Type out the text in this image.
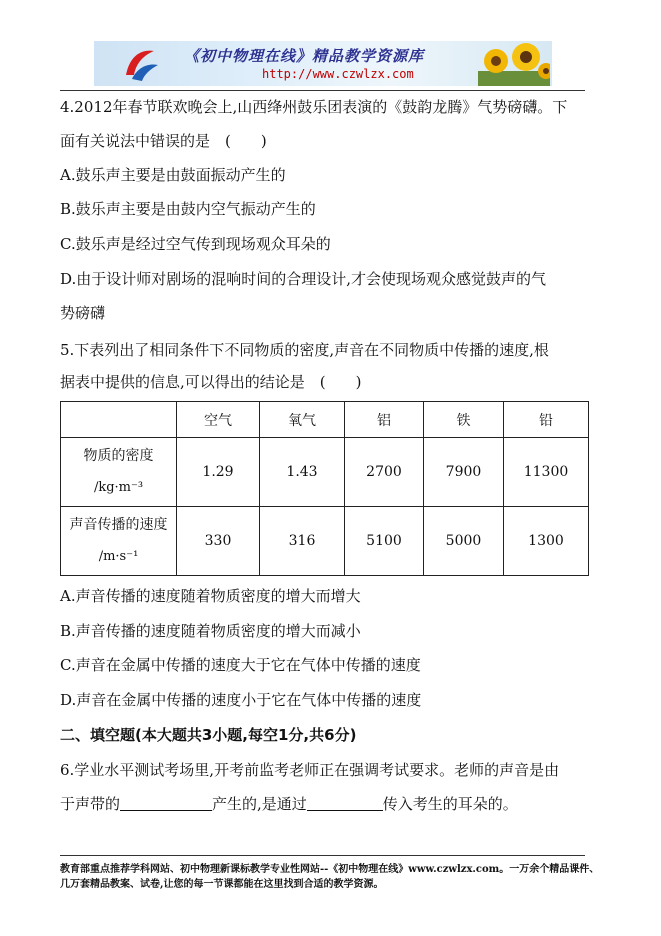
《初中物理在线》精品教学资源库
http://www.czwlzx.com
4.2012年春节联欢晚会上,山西绛州鼓乐团表演的《鼓韵龙腾》气势磅礴。下
面有关说法中错误的是　(　　)
A.鼓乐声主要是由鼓面振动产生的
B.鼓乐声主要是由鼓内空气振动产生的
C.鼓乐声是经过空气传到现场观众耳朵的
D.由于设计师对剧场的混响时间的合理设计,才会使现场观众感觉鼓声的气
势磅礴
5.下表列出了相同条件下不同物质的密度,声音在不同物质中传播的速度,根
据表中提供的信息,可以得出的结论是　(　　)
	空气	氧气	铝	铁	铅
物质的密度
/kg·m⁻³	1.29	1.43	2700	7900	11300
声音传播的速度
/m·s⁻¹	330	316	5100	5000	1300
A.声音传播的速度随着物质密度的增大而增大
B.声音传播的速度随着物质密度的增大而减小
C.声音在金属中传播的速度大于它在气体中传播的速度
D.声音在金属中传播的速度小于它在气体中传播的速度
二、填空题(本大题共3小题,每空1分,共6分)
6.学业水平测试考场里,开考前监考老师正在强调考试要求。老师的声音是由
于声带的	产生的,是通过	传入考生的耳朵的。
教育部重点推荐学科网站、初中物理新课标教学专业性网站--《初中物理在线》www.czwlzx.com。一万余个精品课件、
几万套精品教案、试卷,让您的每一节课都能在这里找到合适的教学资源。
